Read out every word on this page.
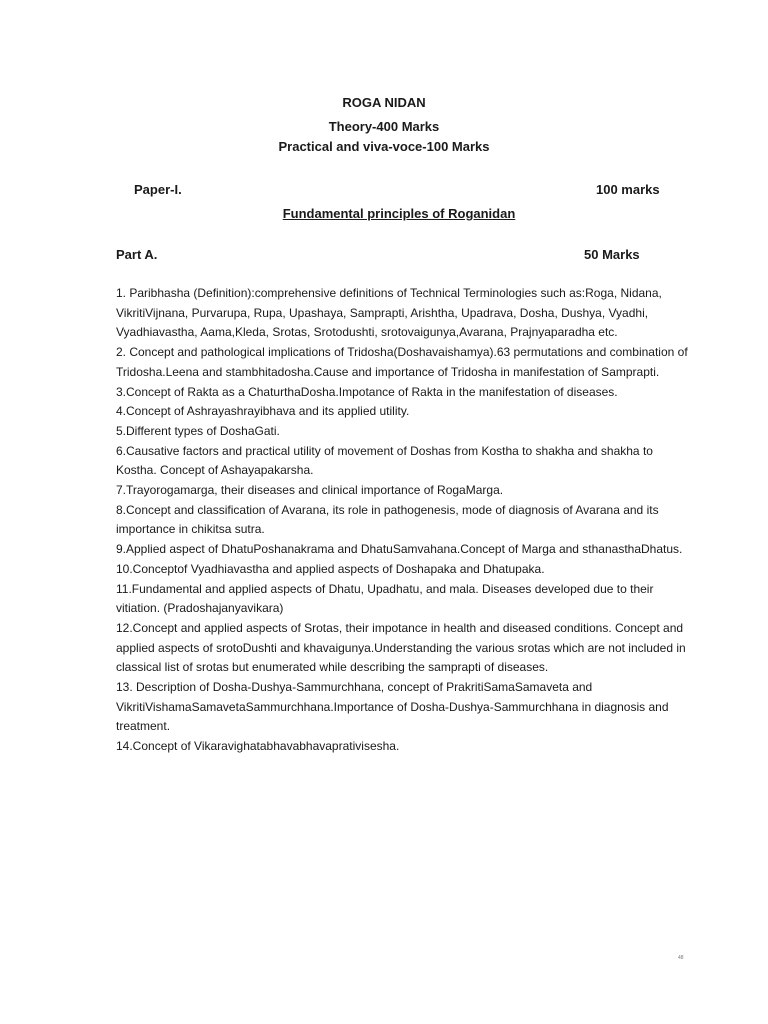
ROGA NIDAN
Theory-400 Marks
Practical and viva-voce-100 Marks
Paper-I.	100 marks
Fundamental principles of Roganidan
Part A.	50 Marks
1. Paribhasha (Definition):comprehensive definitions of Technical Terminologies such as:Roga, Nidana, VikritiVijnana, Purvarupa, Rupa, Upashaya, Samprapti, Arishtha, Upadrava, Dosha, Dushya, Vyadhi, Vyadhiavastha, Aama,Kleda, Srotas, Srotodushti, srotovaigunya,Avarana, Prajnyaparadha etc.
2. Concept and pathological implications of Tridosha(Doshavaishamya).63 permutations and combination of Tridosha.Leena and stambhitadosha.Cause and importance of Tridosha in manifestation of Samprapti.
3.Concept of Rakta as a ChaturthaDosha.Impotance of Rakta in the manifestation of diseases.
4.Concept of Ashrayashrayibhava and its applied utility.
5.Different types of DoshaGati.
6.Causative factors and practical utility of movement of Doshas from Kostha to shakha and shakha to Kostha. Concept of Ashayapakarsha.
7.Trayorogamarga, their diseases and clinical importance of RogaMarga.
8.Concept and classification of Avarana, its role in pathogenesis, mode of diagnosis of Avarana and its importance in chikitsa sutra.
9.Applied aspect of DhatuPoshanakrama and DhatuSamvahana.Concept of Marga and sthanasthaDhatus.
10.Conceptof Vyadhiavastha and applied aspects of Doshapaka and Dhatupaka.
11.Fundamental and applied aspects of Dhatu, Upadhatu, and mala. Diseases developed due to their vitiation. (Pradoshajanyavikara)
12.Concept and applied aspects of Srotas, their impotance in health and diseased conditions. Concept and applied aspects of srotoDushti and khavaigunya.Understanding the various srotas which are not included in classical list of srotas but enumerated while describing the samprapti of diseases.
13. Description of Dosha-Dushya-Sammurchhana, concept of PrakritiSamaSamaveta and VikritiVishamaSamavetaSammurchhana.Importance of Dosha-Dushya-Sammurchhana in diagnosis and treatment.
14.Concept of Vikaravighatabhavabhavaprativisesha.
48
